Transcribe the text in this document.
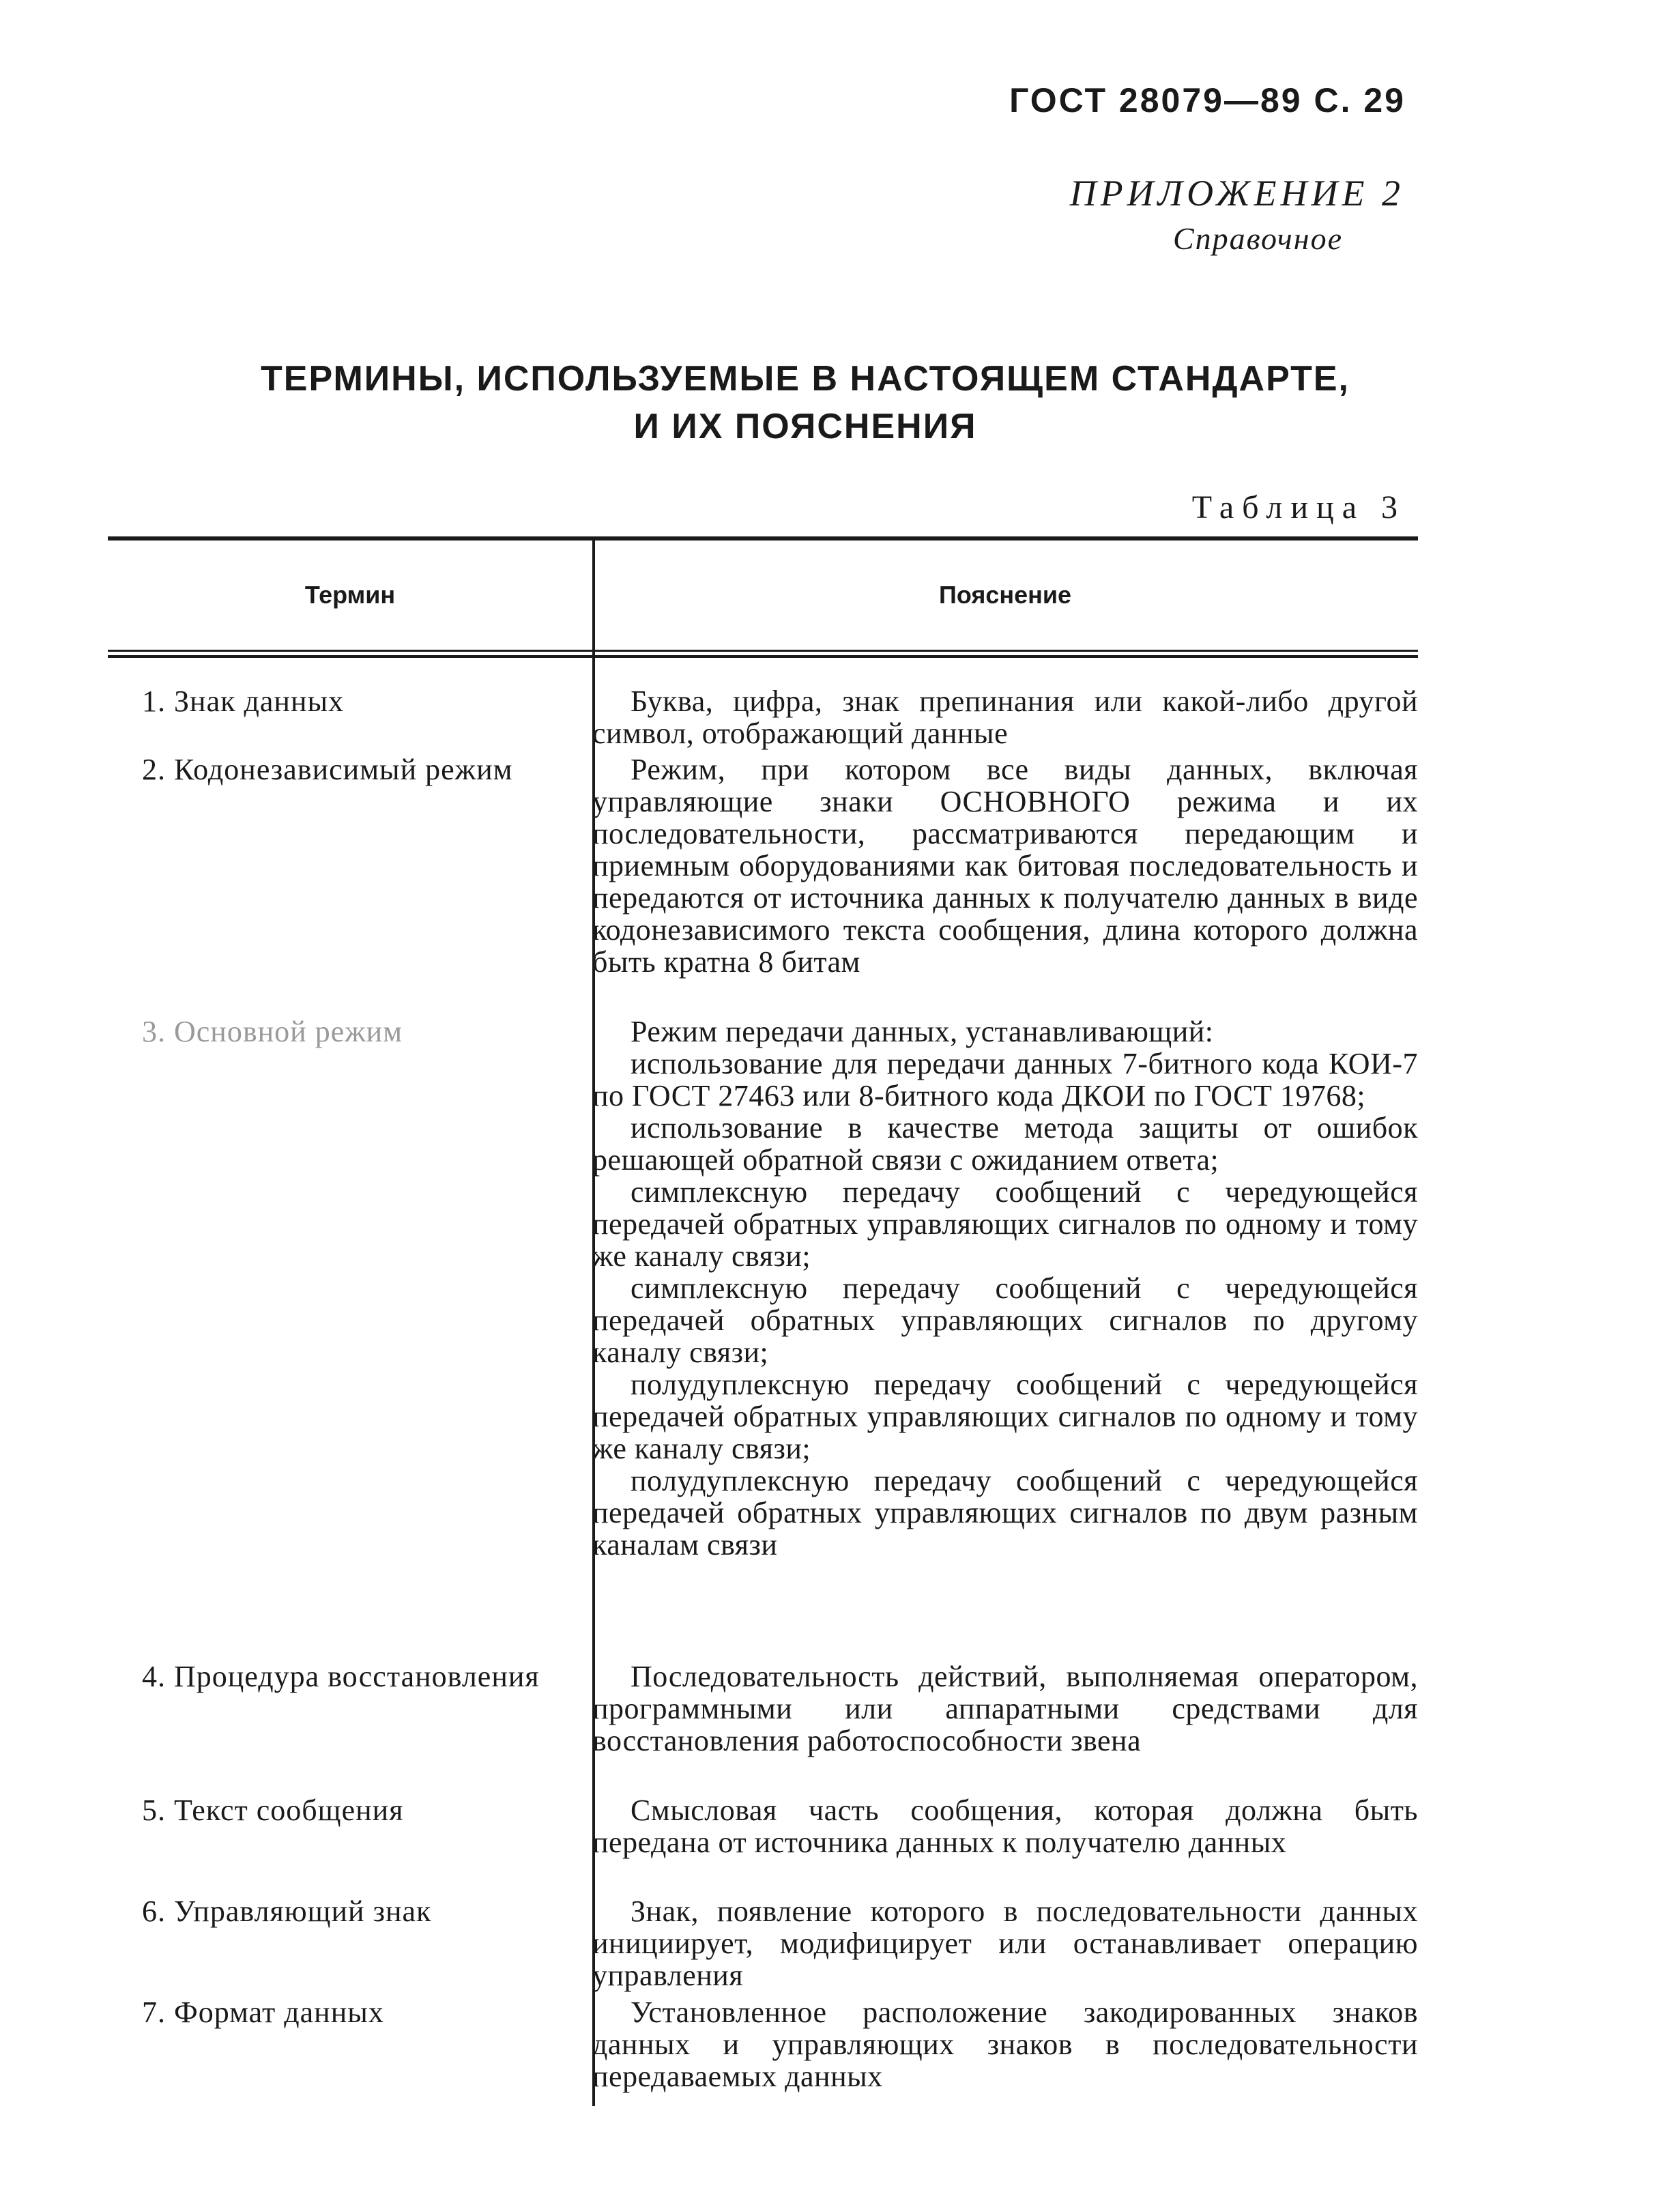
ГОСТ 28079—89 С. 29
ПРИЛОЖЕНИЕ 2
Справочное
ТЕРМИНЫ, ИСПОЛЬЗУЕМЫЕ В НАСТОЯЩЕМ СТАНДАРТЕ,
И ИХ ПОЯСНЕНИЯ
Таблица 3
Термин	Пояснение
1. Знак данных	Буква, цифра, знак препинания или какой-либо другой символ, отображающий данные

2. Кодонезависимый режим	Режим, при котором все виды данных, включая управляющие знаки ОСНОВНОГО режима и их последовательности, рассматриваются передающим и приемным оборудованиями как битовая последовательность и передаются от источника данных к получателю данных в виде кодонезависимого текста сообщения, длина которого должна быть кратна 8 битам

3. Основной режим	Режим передачи данных, устанавливающий:

использование для передачи данных 7-битного кода КОИ-7 по ГОСТ 27463 или 8-битного кода ДКОИ по ГОСТ 19768;

использование в качестве метода защиты от ошибок решающей обратной связи с ожиданием ответа;

симплексную передачу сообщений с чередующейся передачей обратных управляющих сигналов по одному и тому же каналу связи;

симплексную передачу сообщений с чередующейся передачей обратных управляющих сигналов по другому каналу связи;

полудуплексную передачу сообщений с чередующейся передачей обратных управляющих сигналов по одному и тому же каналу связи;

полудуплексную передачу сообщений с чередующейся передачей обратных управляющих сигналов по двум разным каналам связи

4. Процедура восстановления	Последовательность действий, выполняемая оператором, программными или аппаратными средствами для восстановления работоспособности звена

5. Текст сообщения	Смысловая часть сообщения, которая должна быть передана от источника данных к получателю данных

6. Управляющий знак	Знак, появление которого в последовательности данных инициирует, модифицирует или останавливает операцию управления

7. Формат данных	Установленное расположение закодированных знаков данных и управляющих знаков в последовательности передаваемых данных
